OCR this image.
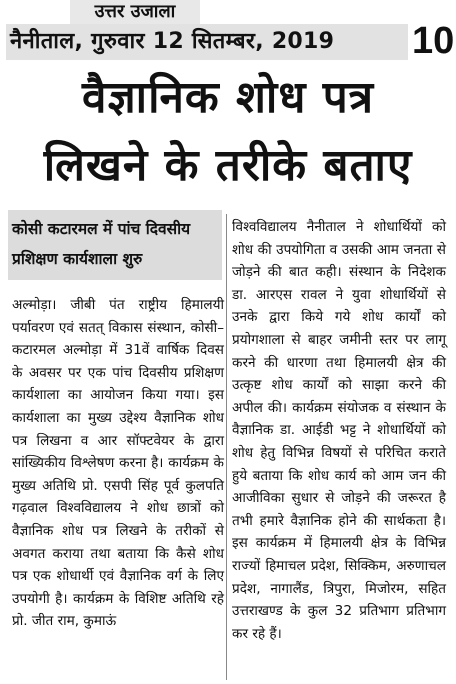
उत्तर उजाला
नैनीताल, गुरुवार 12 सितम्बर, 2019	10
वैज्ञानिक शोध पत्र
लिखने के तरीके बताए
कोसी कटारमल में पांच दिवसीय प्रशिक्षण कार्यशाला शुरु
अल्मोड़ा। जीबी पंत राष्ट्रीय हिमालयी पर्यावरण एवं सतत् विकास संस्थान, कोसी–कटारमल अल्मोड़ा में 31वें वार्षिक दिवस के अवसर पर एक पांच दिवसीय प्रशिक्षण कार्यशाला का आयोजन किया गया। इस कार्यशाला का मुख्य उद्देश्य वैज्ञानिक शोध पत्र लिखना व आर सॉफ्टवेयर के द्वारा सांख्यिकीय विश्लेषण करना है। कार्यक्रम के मुख्य अतिथि प्रो. एसपी सिंह पूर्व कुलपति गढ़वाल विश्वविद्यालय ने शोध छात्रों को वैज्ञानिक शोध पत्र लिखने के तरीकों से अवगत कराया तथा बताया कि कैसे शोध पत्र एक शोधार्थी एवं वैज्ञानिक वर्ग के लिए उपयोगी है। कार्यक्रम के विशिष्ट अतिथि रहे प्रो. जीत राम, कुमाऊं
विश्वविद्यालय नैनीताल ने शोधार्थियों को शोध की उपयोगिता व उसकी आम जनता से जोड़ने की बात कही। संस्थान के निदेशक डा. आरएस रावल ने युवा शोधार्थियों से उनके द्वारा किये गये शोध कार्यों को प्रयोगशाला से बाहर जमीनी स्तर पर लागू करने की धारणा तथा हिमालयी क्षेत्र की उत्कृष्ट शोध कार्यों को साझा करने की अपील की। कार्यक्रम संयोजक व संस्थान के वैज्ञानिक डा. आईडी भट्ट ने शोधार्थियों को शोध हेतु विभिन्न विषयों से परिचित कराते हुये बताया कि शोध कार्य को आम जन की आजीविका सुधार से जोड़ने की जरूरत है तभी हमारे वैज्ञानिक होने की सार्थकता है। इस कार्यक्रम में हिमालयी क्षेत्र के विभिन्न राज्यों हिमाचल प्रदेश, सिक्किम, अरुणाचल प्रदेश, नागालैंड, त्रिपुरा, मिजोरम, सहित उत्तराखण्ड के कुल 32 प्रतिभाग प्रतिभाग कर रहे हैं।
